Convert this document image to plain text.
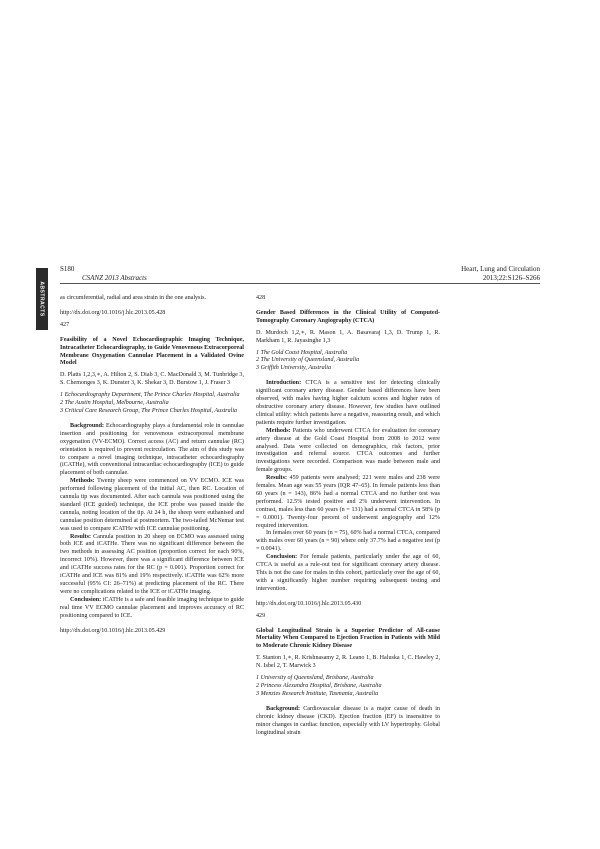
ABSTRACTS
S180
CSANZ 2013 Abstracts
Heart, Lung and Circulation
2013;22:S126–S266

as circumferential, radial and area strain in the one analysis.

http://dx.doi.org/10.1016/j.hlc.2013.05.428

427

Feasibility of a Novel Echocardiographic Imaging Technique, Intracatheter Echocardiography, to Guide Venovenous Extracorporeal Membrane Oxygenation Cannulae Placement in a Validated Ovine Model

D. Platts 1,2,3,∗, A. Hilton 2, S. Diab 3, C. MacDonald 3, M. Tunbridge 3, S. Chemonges 3, K. Dunster 3, K. Shekar 3, D. Burstow 1, J. Fraser 3

1 Echocardiography Department, The Prince Charles Hospital, Australia

2 The Austin Hospital, Melbourne, Australia

3 Critical Care Research Group, The Prince Charles Hospital, Australia

Background: Echocardiography plays a fundamental role in cannulae insertion and positioning for venovenous extracorporeal membrane oxygenation (VV-ECMO). Correct access (AC) and return cannulae (RC) orientation is required to prevent recirculation. The aim of this study was to compare a novel imaging technique, intracatheter echocardiography (iCATHe), with conventional intracardiac echocardiography (ICE) to guide placement of both cannulae.

Methods: Twenty sheep were commenced on VV ECMO. ICE was performed following placement of the initial AC, then RC. Location of cannula tip was documented. After each cannula was positioned using the standard (ICE guided) technique, the ICE probe was passed inside the cannula, noting location of the tip. At 24 h, the sheep were euthanised and cannulae position determined at postmortem. The two-tailed McNemar test was used to compare iCATHe with ICE cannulae positioning.

Results: Cannula position in 20 sheep on ECMO was assessed using both ICE and iCATHe. There was no significant difference between the two methods in assessing AC position (proportion correct for each 90%, incorrect 10%). However, there was a significant difference between ICE and iCATHe success rates for the RC (p = 0.001). Proportion correct for iCATHe and ICE was 81% and 19% respectively. iCATHe was 62% more successful (95% CI: 26–71%) at predicting placement of the RC. There were no complications related to the ICE or iCATHe imaging.

Conclusion: iCATHe is a safe and feasible imaging technique to guide real time VV ECMO cannulae placement and improves accuracy of RC positioning compared to ICE.

http://dx.doi.org/10.1016/j.hlc.2013.05.429

428

Gender Based Differences in the Clinical Utility of Computed-Tomography Coronary Angiography (CTCA)

D. Murdoch 1,2,∗, R. Mason 1, A. Basavaraj 1,3, D. Trump 1, R. Markham 1, R. Jayasinghe 1,3

1 The Gold Coast Hospital, Australia

2 The University of Queensland, Australia

3 Griffith University, Australia

Introduction: CTCA is a sensitive test for detecting clinically significant coronary artery disease. Gender based differences have been observed, with males having higher calcium scores and higher rates of obstructive coronary artery disease. However, few studies have outlined clinical utility: which patients have a negative, reassuring result, and which patients require further investigation.

Methods: Patients who underwent CTCA for evaluation for coronary artery disease at the Gold Coast Hospital from 2008 to 2012 were analysed. Data were collected on demographics, risk factors, prior investigation and referral source. CTCA outcomes and further investigations were recorded. Comparison was made between male and female groups.

Results: 459 patients were analysed; 221 were males and 238 were females. Mean age was 55 years (IQR 47–65). In female patients less than 60 years (n = 143), 86% had a normal CTCA and no further test was performed. 12.5% tested positive and 2% underwent intervention. In contrast, males less than 60 years (n = 131) had a normal CTCA in 58% (p = 0.0001). Twenty-four percent of underwent angiography and 12% required intervention.

In females over 60 years (n = 75), 60% had a normal CTCA, compared with males over 60 years (n = 90) where only 37.7% had a negative test (p = 0.0041).

Conclusion: For female patients, particularly under the age of 60, CTCA is useful as a rule-out test for significant coronary artery disease. This is not the case for males in this cohort, particularly over the age of 60, with a significantly higher number requiring subsequent testing and intervention.

http://dx.doi.org/10.1016/j.hlc.2013.05.430

429

Global Longitudinal Strain is a Superior Predictor of All-cause Mortality When Compared to Ejection Fraction in Patients with Mild to Moderate Chronic Kidney Disease

T. Stanton 1,∗, R. Krishnasamy 2, R. Leano 1, B. Haluska 1, C. Hawley 2, N. Isbel 2, T. Marwick 3

1 University of Queensland, Brisbane, Australia

2 Princess Alexandra Hospital, Brisbane, Australia

3 Menzies Research Institute, Tasmania, Australia

Background: Cardiovascular disease is a major cause of death in chronic kidney disease (CKD). Ejection fraction (EF) is insensitive to minor changes in cardiac function, especially with LV hypertrophy. Global longitudinal strain
